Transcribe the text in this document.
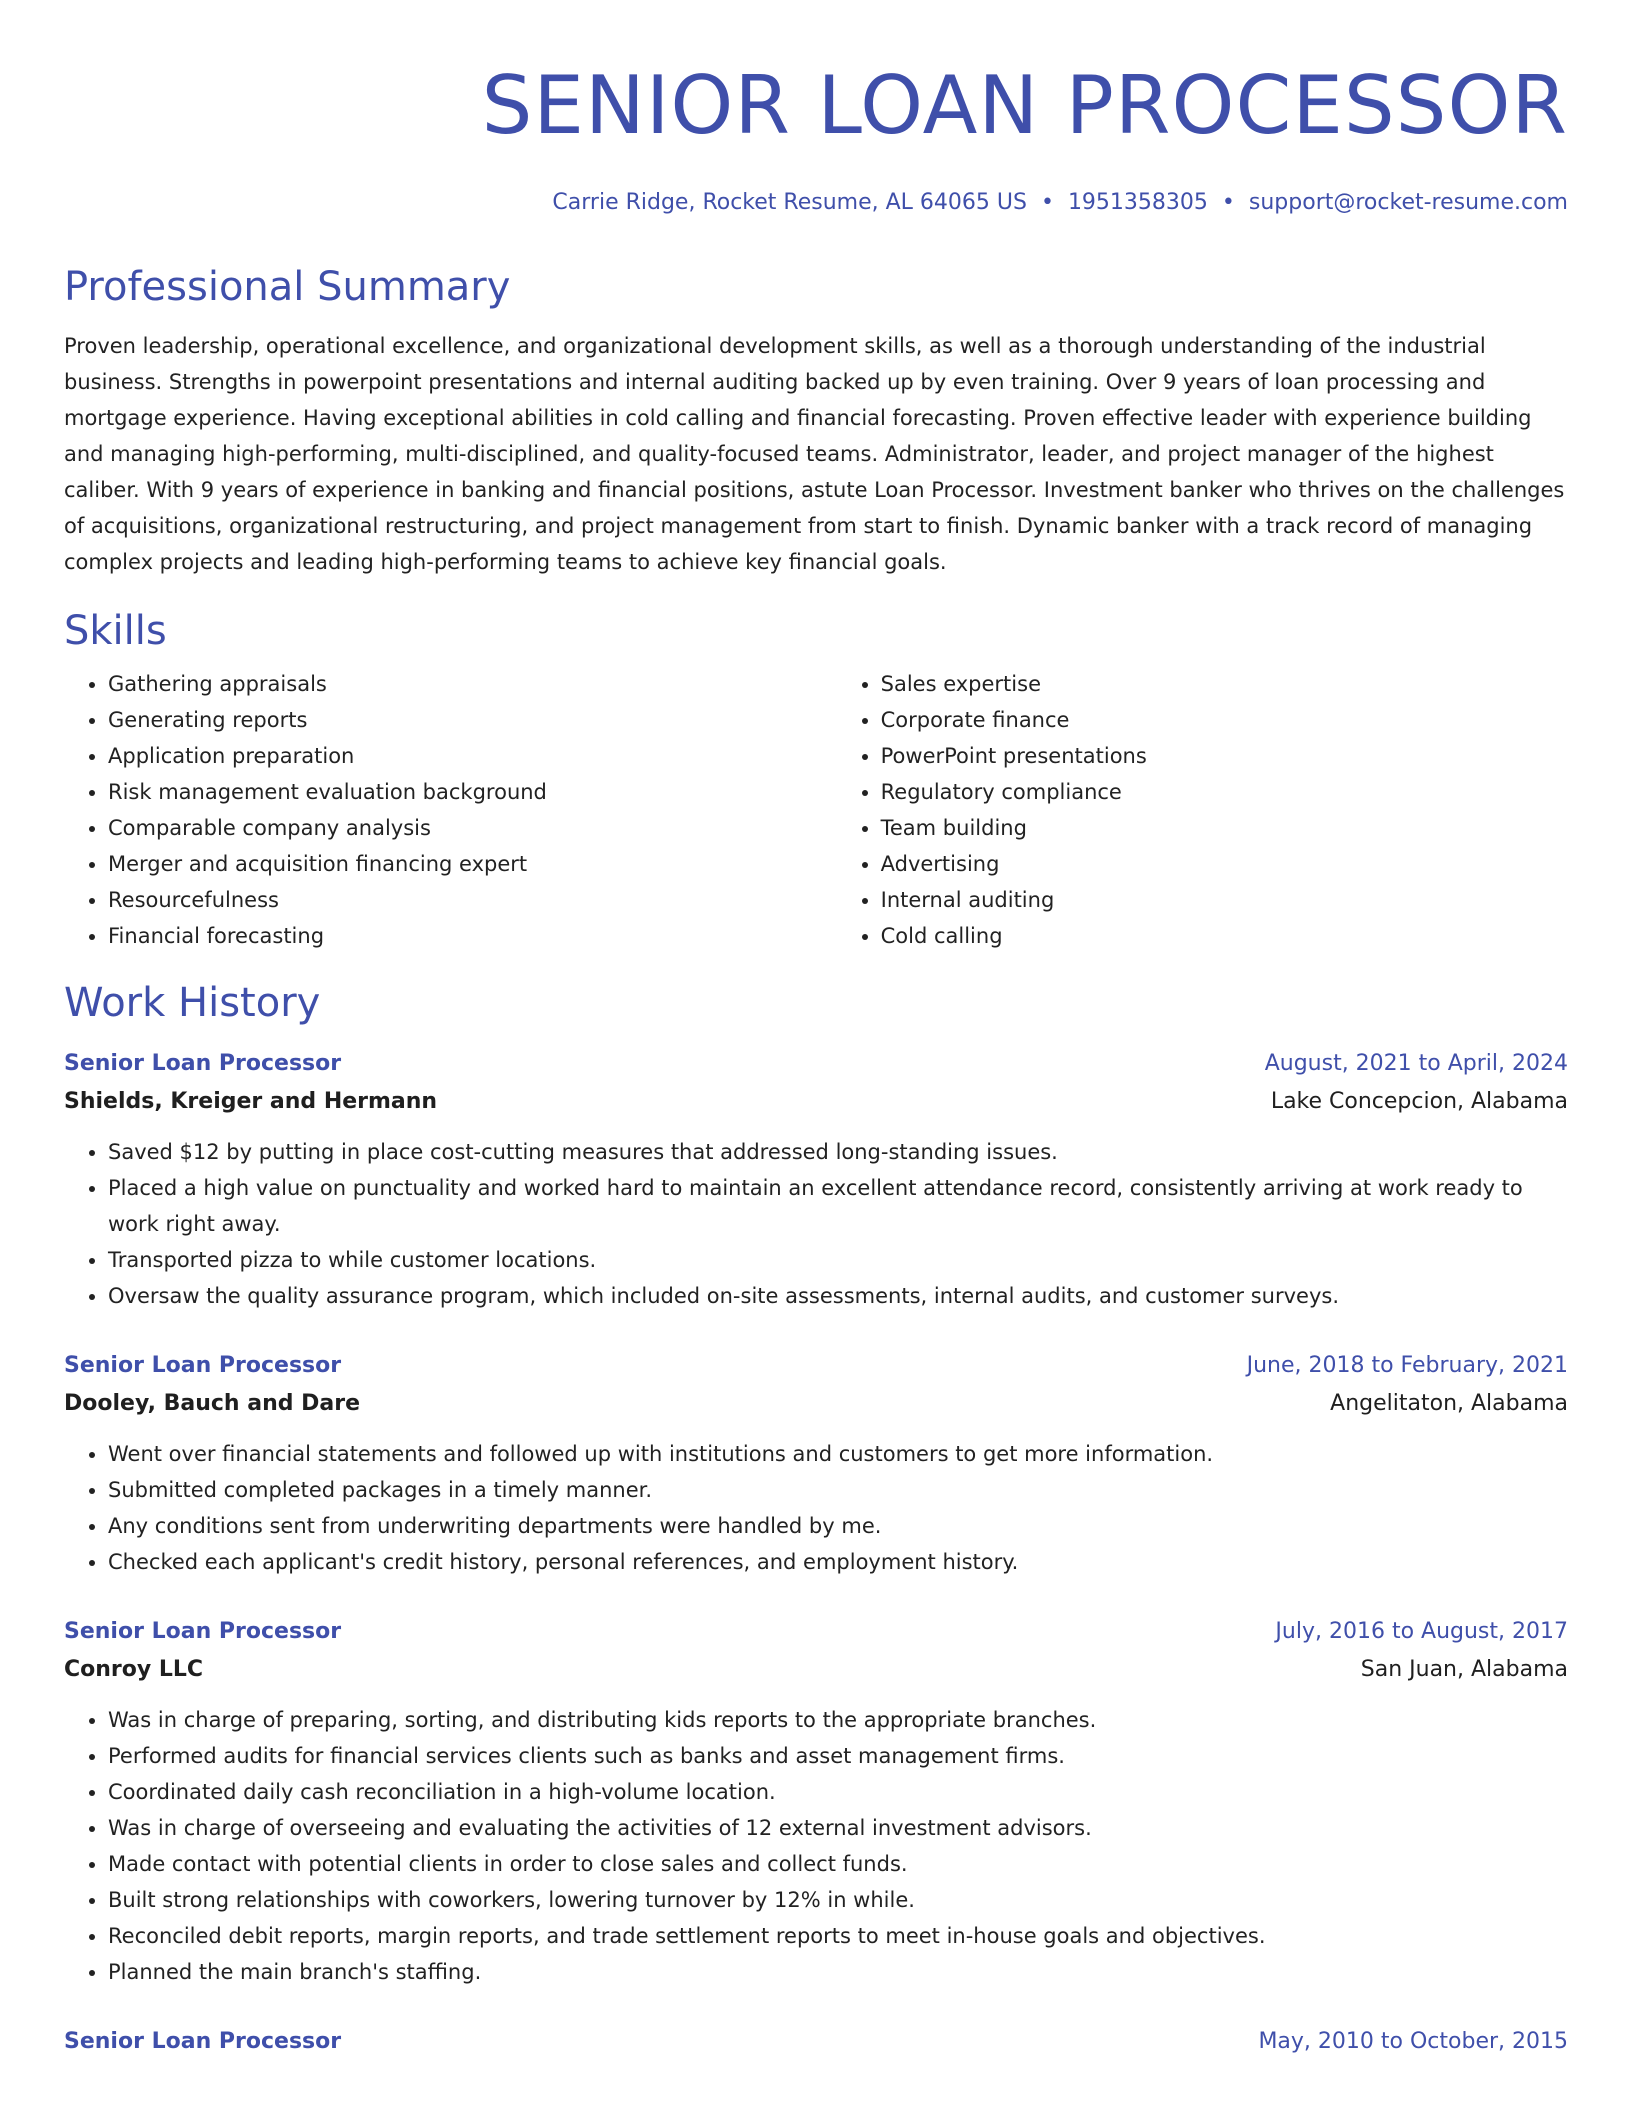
SENIOR LOAN PROCESSOR
Carrie Ridge, Rocket Resume, AL 64065 US • 1951358305 • support@rocket-resume.com
Professional Summary
Proven leadership, operational excellence, and organizational development skills, as well as a thorough understanding of the industrial business. Strengths in powerpoint presentations and internal auditing backed up by even training. Over 9 years of loan processing and mortgage experience. Having exceptional abilities in cold calling and financial forecasting. Proven effective leader with experience building and managing high-performing, multi-disciplined, and quality-focused teams. Administrator, leader, and project manager of the highest caliber. With 9 years of experience in banking and financial positions, astute Loan Processor. Investment banker who thrives on the challenges of acquisitions, organizational restructuring, and project management from start to finish. Dynamic banker with a track record of managing complex projects and leading high-performing teams to achieve key financial goals.
Skills
• Gathering appraisals
• Generating reports
• Application preparation
• Risk management evaluation background
• Comparable company analysis
• Merger and acquisition financing expert
• Resourcefulness
• Financial forecasting
• Sales expertise
• Corporate finance
• PowerPoint presentations
• Regulatory compliance
• Team building
• Advertising
• Internal auditing
• Cold calling
Work History
Senior Loan Processor	August, 2021 to April, 2024
Shields, Kreiger and Hermann	Lake Concepcion, Alabama
• Saved $12 by putting in place cost-cutting measures that addressed long-standing issues.
• Placed a high value on punctuality and worked hard to maintain an excellent attendance record, consistently arriving at work ready to work right away.
• Transported pizza to while customer locations.
• Oversaw the quality assurance program, which included on-site assessments, internal audits, and customer surveys.
Senior Loan Processor	June, 2018 to February, 2021
Dooley, Bauch and Dare	Angelitaton, Alabama
• Went over financial statements and followed up with institutions and customers to get more information.
• Submitted completed packages in a timely manner.
• Any conditions sent from underwriting departments were handled by me.
• Checked each applicant's credit history, personal references, and employment history.
Senior Loan Processor	July, 2016 to August, 2017
Conroy LLC	San Juan, Alabama
• Was in charge of preparing, sorting, and distributing kids reports to the appropriate branches.
• Performed audits for financial services clients such as banks and asset management firms.
• Coordinated daily cash reconciliation in a high-volume location.
• Was in charge of overseeing and evaluating the activities of 12 external investment advisors.
• Made contact with potential clients in order to close sales and collect funds.
• Built strong relationships with coworkers, lowering turnover by 12% in while.
• Reconciled debit reports, margin reports, and trade settlement reports to meet in-house goals and objectives.
• Planned the main branch's staffing.
Senior Loan Processor	May, 2010 to October, 2015
